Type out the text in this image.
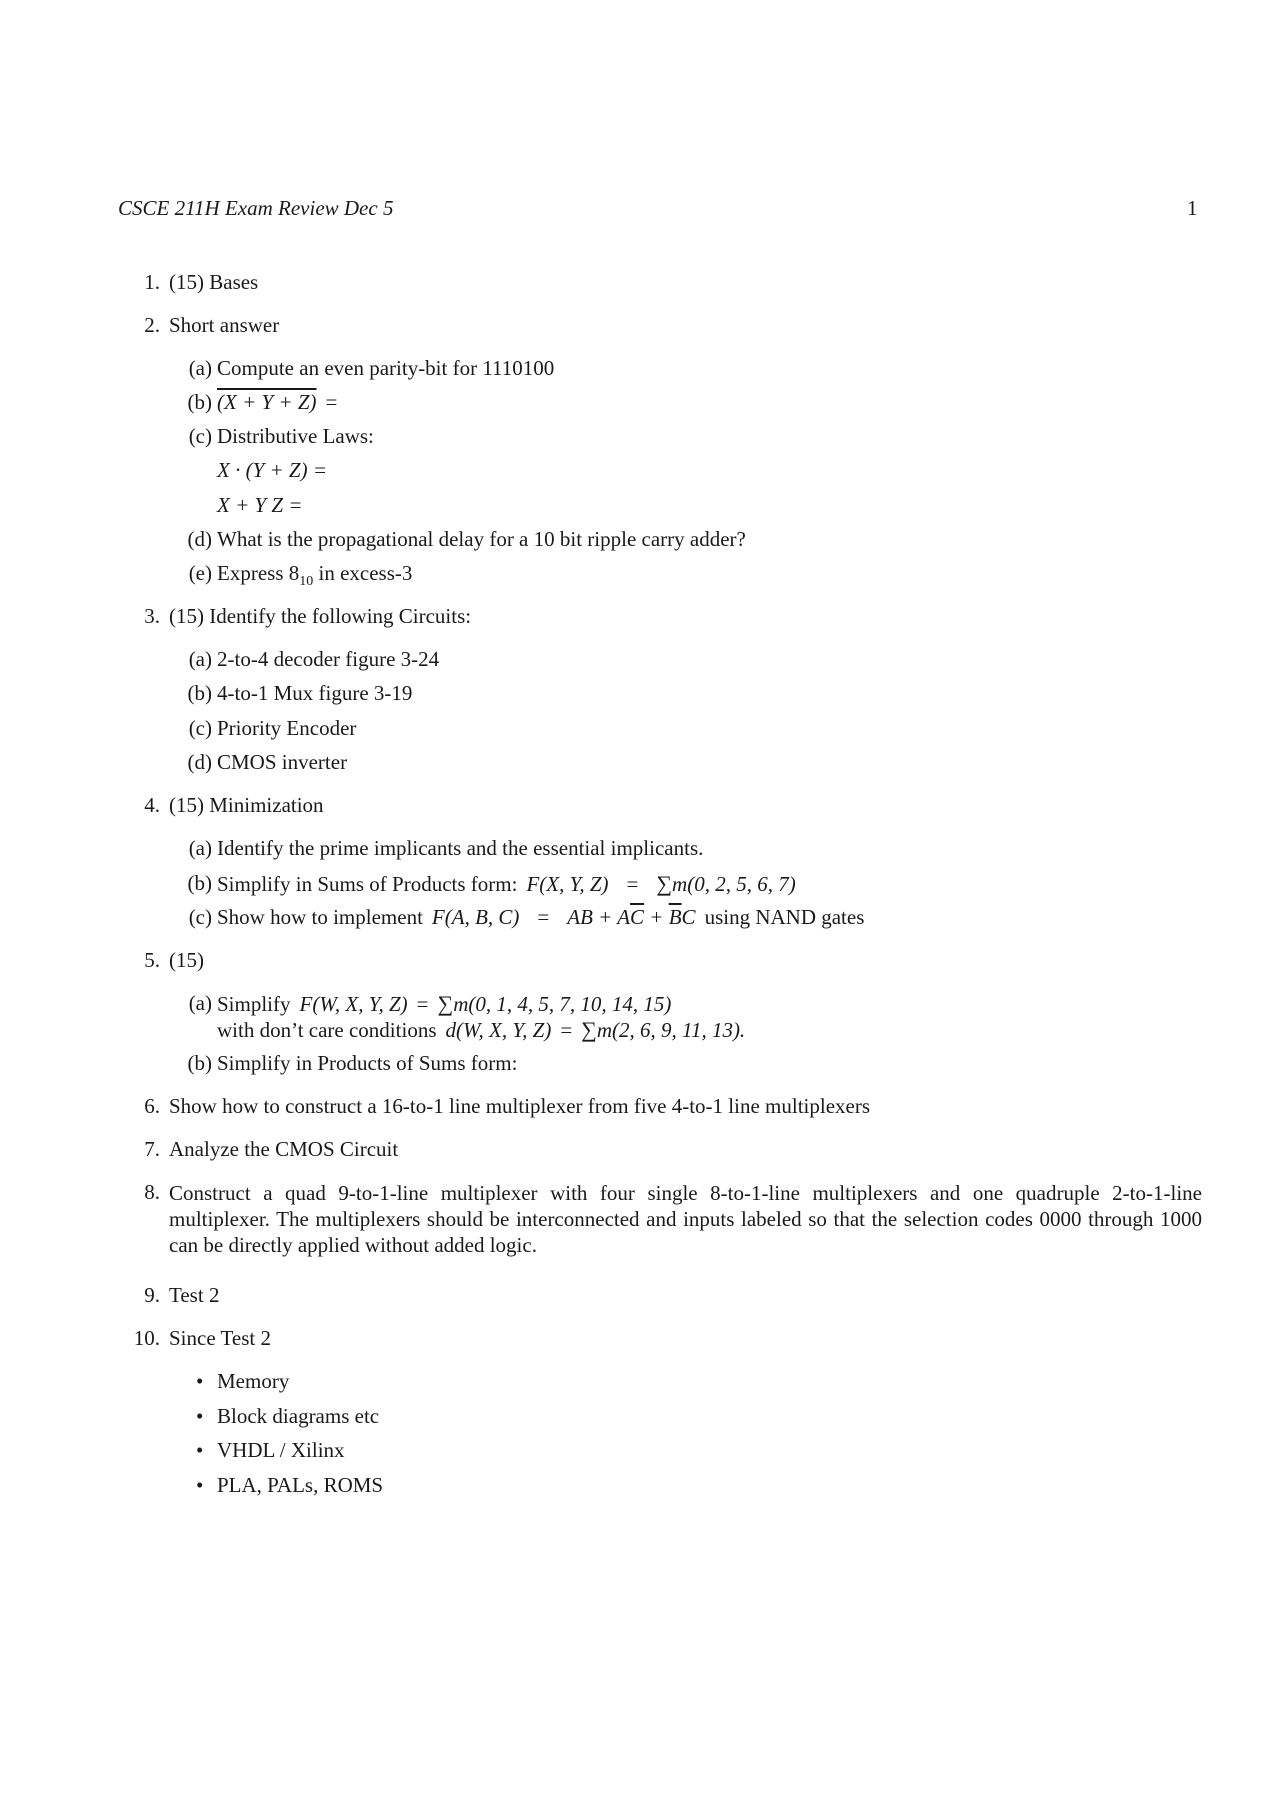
CSCE 211H Exam Review Dec 5	1
1. (15) Bases
2. Short answer
(a) Compute an even parity-bit for 1110100
(b) (X + Y + Z) =
(c) Distributive Laws:
X · (Y + Z) =
X + Y Z =
(d) What is the propagational delay for a 10 bit ripple carry adder?
(e) Express $8_{10}$ in excess-3
3. (15) Identify the following Circuits:
(a) 2-to-4 decoder figure 3-24
(b) 4-to-1 Mux figure 3-19
(c) Priority Encoder
(d) CMOS inverter
4. (15) Minimization
(a) Identify the prime implicants and the essential implicants.
(b) Simplify in Sums of Products form: F(X, Y, Z) = ∑m(0, 2, 5, 6, 7)
(c) Show how to implement F(A, B, C) = AB + $A\overline{C} + \overline{B}C$ using NAND gates
5. (15)
(a) Simplify F(W, X, Y, Z) = ∑m(0, 1, 4, 5, 7, 10, 14, 15)
with don’t care conditions d(W, X, Y, Z) = ∑m(2, 6, 9, 11, 13).
(b) Simplify in Products of Sums form:
6. Show how to construct a 16-to-1 line multiplexer from five 4-to-1 line multiplexers
7. Analyze the CMOS Circuit
8. Construct a quad 9-to-1-line multiplexer with four single 8-to-1-line multiplexers and one quadruple 2-to-1-line multiplexer. The multiplexers should be interconnected and inputs labeled so that the selection codes 0000 through 1000 can be directly applied without added logic.
9. Test 2
10. Since Test 2
• Memory
• Block diagrams etc
• VHDL / Xilinx
• PLA, PALs, ROMS
